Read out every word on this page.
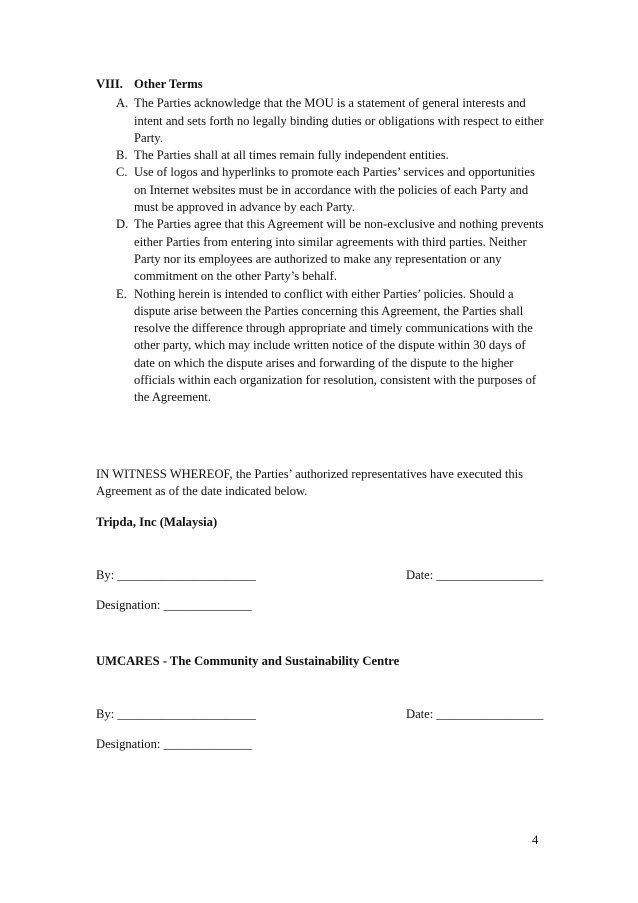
VIII. Other Terms
A. The Parties acknowledge that the MOU is a statement of general interests and intent and sets forth no legally binding duties or obligations with respect to either Party.
B. The Parties shall at all times remain fully independent entities.
C. Use of logos and hyperlinks to promote each Parties’ services and opportunities on Internet websites must be in accordance with the policies of each Party and must be approved in advance by each Party.
D. The Parties agree that this Agreement will be non-exclusive and nothing prevents either Parties from entering into similar agreements with third parties. Neither Party nor its employees are authorized to make any representation or any commitment on the other Party’s behalf.
E. Nothing herein is intended to conflict with either Parties’ policies. Should a dispute arise between the Parties concerning this Agreement, the Parties shall resolve the difference through appropriate and timely communications with the other party, which may include written notice of the dispute within 30 days of date on which the dispute arises and forwarding of the dispute to the higher officials within each organization for resolution, consistent with the purposes of the Agreement.
IN WITNESS WHEREOF, the Parties’ authorized representatives have executed this Agreement as of the date indicated below.
Tripda, Inc (Malaysia)
By: ______________________	Date: _________________
Designation: ______________
UMCARES - The Community and Sustainability Centre
By: ______________________	Date: _________________
Designation: ______________
4
